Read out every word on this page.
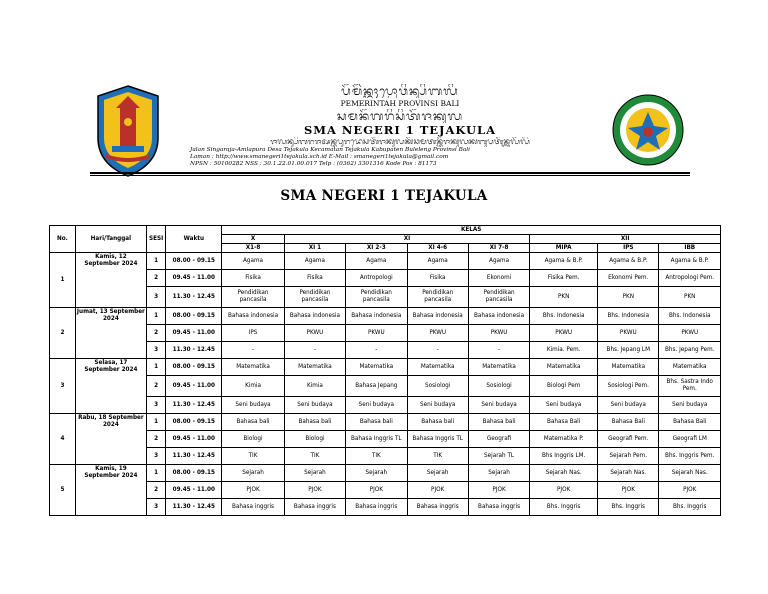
ᬧᭂᬫᭂᬃᬦ᭄ᬢᬄᬧ᭄ᬭᭀᬯᬶᬦ᭄ᬲᬶᬩᬮᬶ
PEMERINTAH PROVINSI BALI
ᬲᬫᬦᭂᬕᬭᬶᬲᬶᬢᭂᬚᬓᬸᬮ
SMA NEGERI 1 TEJAKULA
ᬚᬮᬦ᭄ᬲᬶᬕᬭᬚᬅᬦ᭄ᬢᬸᬧᬸᬭᬤᬾᬲᬢᭂᬚᬓᬸᬮᬓᭂᬘᬫᬢᬦ᭄ᬢᭂᬚᬓᬸᬮᬓᬩᬸᬧᬢᭂᬦ᭄ᬩᬸᬮᭂᬮᭂᬂ
Jalan Singaraja-Amlapura Desa Tejakula Kecamatan Tejakula Kabupaten Buleleng Provinsi Bali
Laman : http://www.smanegeri1tejakula.sch.id E-Mail : smanegeri1tejakula@gmail.com
NPSN : 50100282 NSS : 30.1.22.01.00.017 Telp : (0362) 3301316 Kode Pos : 81173
SMA NEGERI 1 TEJAKULA
No.	Hari/Tanggal	SESI	Waktu	KELAS							
				X	XI				XII		
				X1-8	XI 1	XI 2-3	XI 4-6	XI 7-8	MIPA	IPS	IBB
1	Kamis, 12 September 2024	1	08.00 - 09.15	Agama	Agama	Agama	Agama	Agama	Agama & B.P.	Agama & B.P.	Agama & B.P.
		2	09.45 - 11.00	Fisika	Fisika	Antropologi	Fisika	Ekonomi	Fisika Pem.	Ekonomi Pem.	Antropologi Pem.
		3	11.30 - 12.45	Pendidikan pancasila	Pendidikan pancasila	Pendidikan pancasila	Pendidikan pancasila	Pendidikan pancasila	PKN	PKN	PKN
2	Jumat, 13 September 2024	1	08.00 - 09.15	Bahasa indonesia	Bahasa indonesia	Bahasa indonesia	Bahasa indonesia	Bahasa indonesia	Bhs. Indonesia	Bhs. Indonesia	Bhs. Indonesia
		2	09.45 - 11.00	IPS	PKWU	PKWU	PKWU	PKWU	PKWU	PKWU	PKWU
		3	11.30 - 12.45	-	-	-	-	-	Kimia. Pem.	Bhs. Jepang LM	Bhs. Jepang Pem.
3	Selasa, 17 September 2024	1	08.00 - 09.15	Matematika	Matematika	Matematika	Matematika	Matematika	Matematika	Matematika	Matematika
		2	09.45 - 11.00	Kimia	Kimia	Bahasa Jepang	Sosiologi	Sosiologi	Biologi Pem	Sosiologi Pem.	Bhs. Sastra Indo Pem.
		3	11.30 - 12.45	Seni budaya	Seni budaya	Seni budaya	Seni budaya	Seni budaya	Seni budaya	Seni budaya	Seni budaya
4	Rabu, 18 September 2024	1	08.00 - 09.15	Bahasa bali	Bahasa bali	Bahasa bali	Bahasa bali	Bahasa bali	Bahasa Bali	Bahasa Bali	Bahasa Bali
		2	09.45 - 11.00	Biologi	Biologi	Bahasa Inggris TL	Bahasa Inggris TL	Geografi	Matematika P.	Geografi Pem.	Geografi LM
		3	11.30 - 12.45	TIK	TIK	TIK	TIK	Sejarah TL	Bhs Inggris LM.	Sejarah Pem.	Bhs. Inggris Pem.
5	Kamis, 19 September 2024	1	08.00 - 09.15	Sejarah	Sejarah	Sejarah	Sejarah	Sejarah	Sejarah Nas.	Sejarah Nas.	Sejarah Nas.
		2	09.45 - 11.00	PJOK	PJOK	PJOK	PJOK	PJOK	PJOK	PJOK	PJOK
		3	11.30 - 12.45	Bahasa inggris	Bahasa inggris	Bahasa inggris	Bahasa inggris	Bahasa inggris	Bhs. Inggris	Bhs. Inggris	Bhs. Inggris
